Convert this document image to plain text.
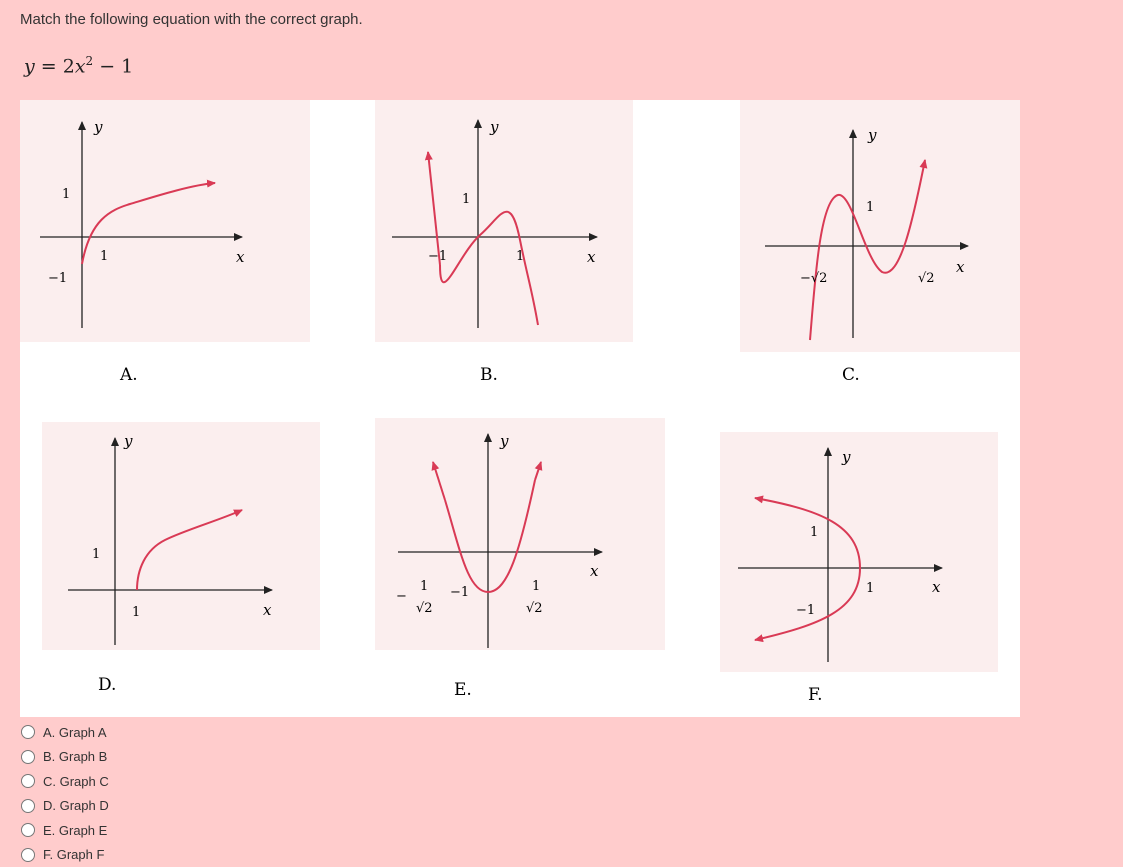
Match the following equation with the correct graph.
$y = 2x^2 - 1$
x
y
1
−1
1
A.
x
y
1
−1	1
B.
x
y
1
−√2	√2
C.
x
y
1
1
D.
x
y
−1
−
1
√2
1
√2
E.
x
y
1
−1
1
F.
A. Graph A
B. Graph B
C. Graph C
D. Graph D
E. Graph E
F. Graph F
